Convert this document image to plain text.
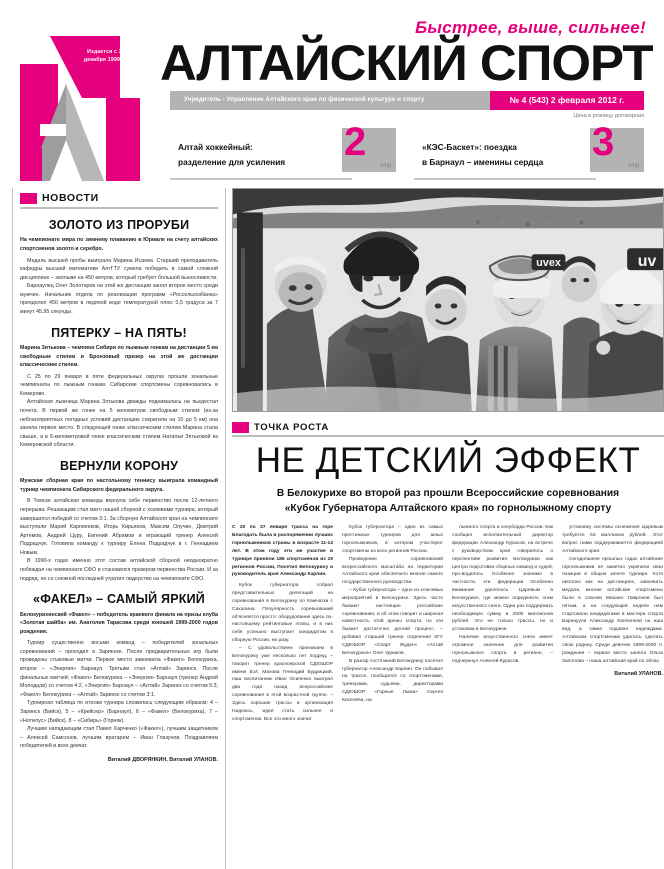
Быстрее, выше, сильнее!
Издается с 3 декабря 1999 г. АЛТАЙСКИЙ СПОРТ
Учредитель - Управление Алтайского края по физической культуре и спорту	№ 4 (543) 2 февраля 2012 г.
Цена в розницу договорная
Алтай хоккейный:
разделение для усиления 2
стр.
«КЭС-Баскет»: поездка
в Барнаул – именины сердца 3
стр.
НОВОСТИ
ЗОЛОТО ИЗ ПРОРУБИ

На чемпионате мира по зимнему плаванию в Юрмале на счету алтайских спортсменов золото и серебро.

Медаль высшей пробы выиграла Марина Исаева. Старший преподаватель кафедры высшей математики АлтГТУ сумела победить в самой сложной дисциплине – заплыве на 450 метров, который требует большой выносливости.

Барнаулец Олег Золотарев на этой же дистанции занял второе место среди мужчин. Начальник отдела по реализации программ «Россельхозбанка» преодолел 450 метров в ледяной воде температурой плюс 0,5 градуса за 7 минут 45,95 секунды.

ПЯТЕРКУ – НА ПЯТЬ!

Марина Зятькова – чемпион Сибири по лыжным гонкам на дистанции 5 км свободным стилем и Бронзовый призер на этой же дистанции классическим стилем.

С 25 по 29 января в пяти федеральных округах прошли зональные чемпионаты по лыжным гонкам. Сибирские спортсмены соревновались в Кемерово.

Алтайская лыжница Марина Зятькова дважды поднималась на пьедестал почета. В первой же гонке на 5 километров свободным стилем (из-за неблагоприятных погодных условий дистанцию сократили на 10 до 5 км) она заняла первое место. В следующей гонке классическим стилем Марина стала свыше, а в 5-километровой гонке классическим стилем Натальи Зятьковой из Кемеровской области.

ВЕРНУЛИ КОРОНУ

Мужская сборная края по настольному теннису выиграла командный турнир чемпионата Сибирского федерального округа.

В Томске алтайская команда вернула себе первенство после 12-летнего перерыва. Решающим стал матч нашей сборной с хозяевами турнира, который завершился победой со счетом 3:1. За сборную Алтайского края на чемпионате выступали Марей Карпиенков, Игорь Кирьянов, Максим Опучин, Дмитрий Артемов, Андрей Цуру, Евгений Абрамов и играющий тренер Алексей Подрадчук. Готовила команду к турниру Елена Подрадчук в г. Геннадием Новым.

В 1990-х годах именно этот состав алтайской сборной неоднократно побеждал на чемпионате СФО и становился призером первенства России. И за подряд, но со снежной последней утратил лидерство на чемпионате СФО.

«ФАКЕЛ» – САМЫЙ ЯРКИЙ

Белокурихинский «Факел» – победитель краевого финала на призы клуба «Золотая шайба» им. Анатолия Тарасова среди юношей 1999-2000 годов рождения.

Турнир существенно восьми команд – победителей зональных соревнований – проходил в Заринске. После предварительных игр были проведены стыковые матчи. Первое место завоевала «Факел» Белокуриха, второе – «Энергия» Барнаул. Третьим стал «Алтай» Заринск. После финальных матчей: «Факел» Белокуриха – «Энергия» Барнаул (тренер Андрей Молодцов) со счетом 4:2, «Энергия» Барнаул – «Алтай» Заринск со счетом 5:3, «Факел» Белокуриха – «Алтай» Заринск со счетом 3:1.

Турнирная таблица по итогам турнира сложилась следующим образом: 4 – Заринск (Бийск), 5 – «Крейсер» (Барнаул), 6 – «Факел» (Белокуриха), 7 – «Нотилус» (Бийск), 8 – «Сибирь» (Горняк).

Лучшим нападающим стал Павел Харченко («Факел»), лучшим защитником – Алексей Самсонов, лучшим вратарем – Иван Глазунов. Поздравляем победителей и всех девчат.

Виталий ДВОРЯНКИН, Виталий УЛАНОВ.
uvex	uv
ТОЧКА РОСТА
НЕ ДЕТСКИЙ ЭФФЕКТ
В Белокурихе во второй раз прошли Всероссийские соревнования
«Кубок Губернатора Алтайского края» по горнолыжному спорту

С 20 по 27 января трасса на горе Благодать была в распоряжении лучших горнолыжников страны в возрасте 11-14 лет. В этом году эти же участие в турнире приняли 186 спортсменов из 19 регионов России, Посетил Белокуриху и руководитель края Александр Карлин.

Кубок губернатора собрал представительных делегаций на соревнования в Белокуриху по Камчатки с Сахалина. Популярность соревнований об'ясняется просто: оборудование здесь по-настоящему рейтинговые этапы, и в них себя успешно выступает кандидатом в сборную России, ни разу.

– С удовольствием приезжаем в Белокуриху уже несколько лет подряд, – говорит тренер красноярской СДЮШОР имени В.И. Махова Геннадий Будрицкий, наш воспитанник Иван Осипенко выиграл два года назад всероссийские соревнования в этой возрастной группе. – Здесь хорошие трассы и организация Надеюсь, идея стать сильнее и спортсменов. Все это много значит.

Кубок губернатора – один из самых престижных турниров для юных горнолыжников, в котором участвуют спортсмены из всех регионов России.

Проведение соревнований всероссийского масштаба на территории Алтайского края обеспечило многие самого государственного руководства.

– Кубок губернатора – одно из ключевых мероприятий в Белокурихе. Здесь часто бывают настоящие российские соревнования, и об этом говорит и широкая известность этой арены спорта, но эти бывает достаточно долгий процесс, – добавил старший тренер отделения КГУ СДЮШОР «Спарт Жуден» «Алтай Белокуриха» Олег Удников.

В разгар состязаний Белокуриху посетил губернатор Александр Карлин. Он побывал на трассе, пообщался со спортсменами, тренерами, судьями, директорами СДЮШОР «Горные Лыжи» Сергея Киселёва, на.

лыжного спорта и сноуборда России. Как сообщил исполнительный директор федерации Александр Курасов, на встрече с руководством края говорилось о перспективе развития Белокурихи как центра подготовки сборных команд и судей, про-водилось Особенно значимо в частности, эти федерации Особенно внимание уделялось Царевым в Белокурихе, где можно определить этим искусственного снега. Один раз поддержать необходимую сумму в 2500 миллионов рублей. Это не только трассы, но и установки в Белокурихе.

Наличие искусственного снега имеет огромное значение для развития горнолыжного спорта в регионе, – подчеркнул Алексей Курасов.

установку системы оснежения Царевым требуется 53 миллиона рублей. Этот вопрос нами поддерживается федерацией Алтайского края.

Сегодняшняя прошлых годах алтайские горнолыжники не заметно укрепили свои позиции в общем зачете турнира. Хотя неплохо как на дистанциях, завоевать медали, многие алтайские спортсмены были в спалом Михаил Лавронов был пятым, а на следующей неделе нем стартовали кандидатами в мастера спорта Барнауула Александр Капленнов на наш вид, а также подавал надеждами. Алтайским спортсменам удалось сделать свою родину. Среди девочек 1999-2000 гг. рождения – первое место заняла Ольга Заполова – наша алтайская край по облас.

Виталий УЛАНОВ.
